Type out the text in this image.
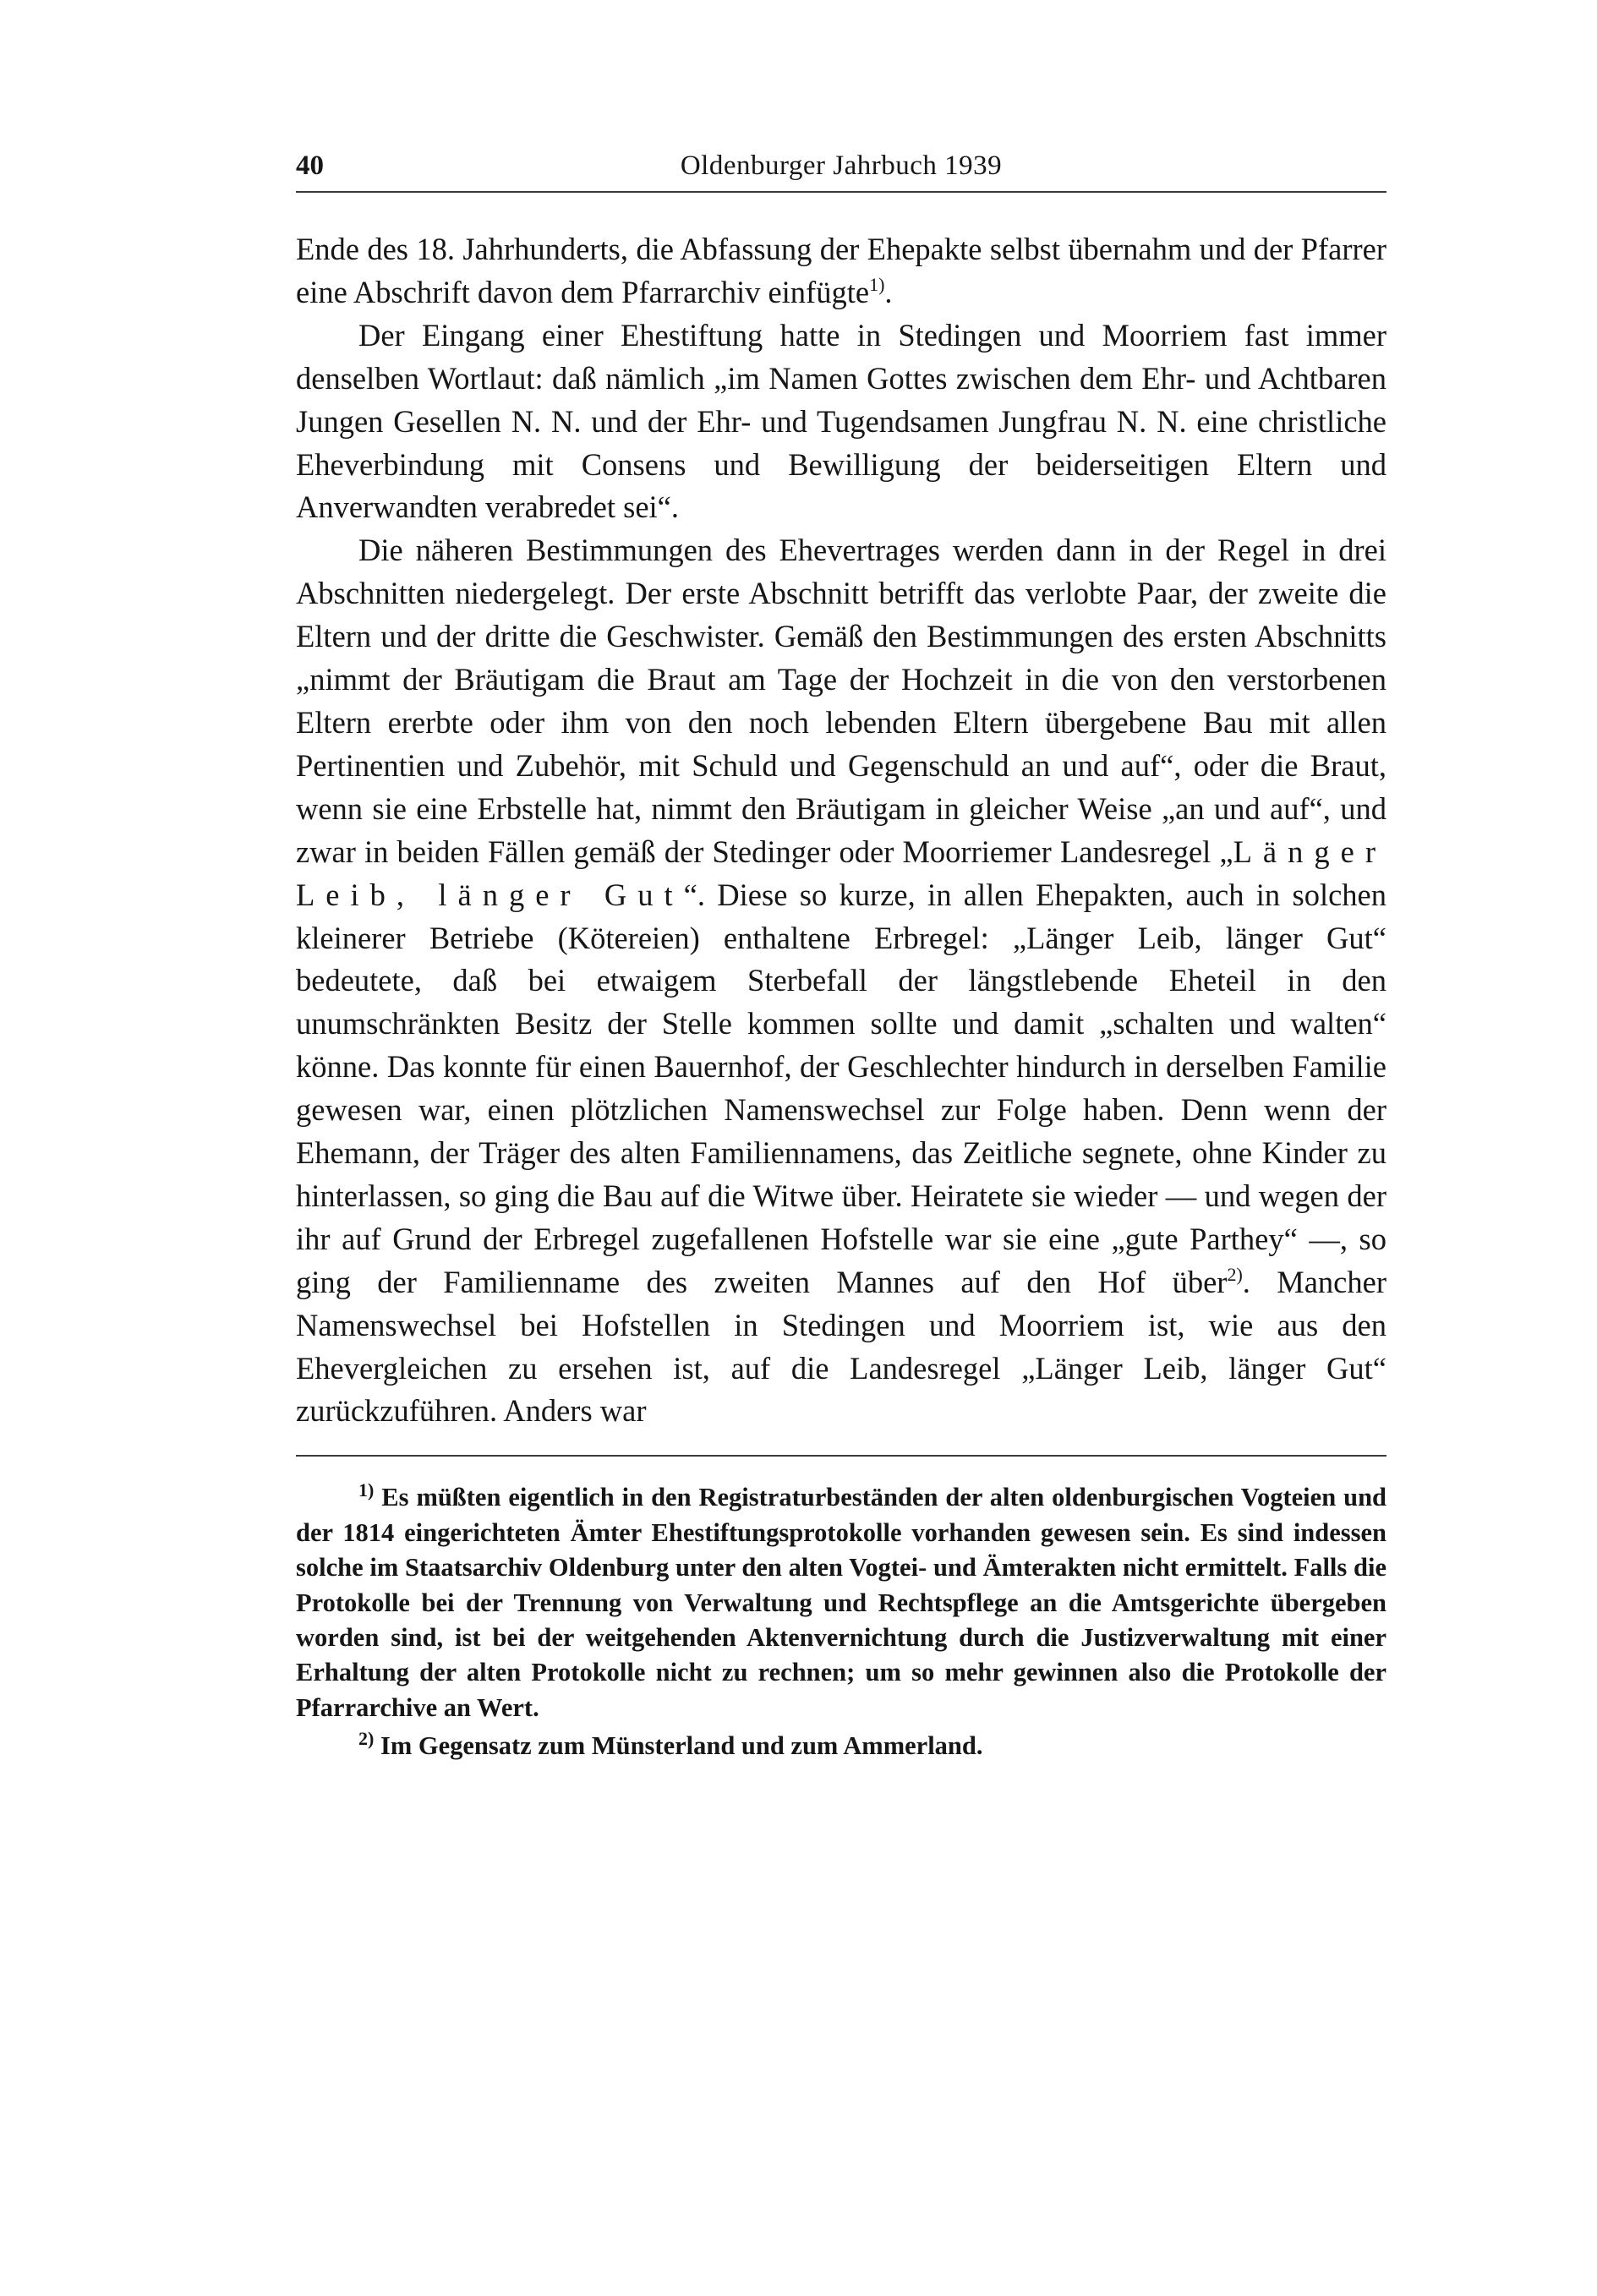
Oldenburger Jahrbuch 1939
40

Ende des 18. Jahrhunderts, die Abfassung der Ehepakte selbst übernahm und der Pfarrer eine Abschrift davon dem Pfarrarchiv einfügte$^{1)}$.

Der Eingang einer Ehestiftung hatte in Stedingen und Moorriem fast immer denselben Wortlaut: daß nämlich „im Namen Gottes zwischen dem Ehr- und Achtbaren Jungen Gesellen N. N. und der Ehr- und Tugendsamen Jungfrau N. N. eine christliche Eheverbindung mit Consens und Bewilligung der beiderseitigen Eltern und Anverwandten verabredet sei“.

Die näheren Bestimmungen des Ehevertrages werden dann in der Regel in drei Abschnitten niedergelegt. Der erste Abschnitt betrifft das verlobte Paar, der zweite die Eltern und der dritte die Geschwister. Gemäß den Bestimmungen des ersten Abschnitts „nimmt der Bräutigam die Braut am Tage der Hochzeit in die von den verstorbenen Eltern ererbte oder ihm von den noch lebenden Eltern übergebene Bau mit allen Pertinentien und Zubehör, mit Schuld und Gegenschuld an und auf“, oder die Braut, wenn sie eine Erbstelle hat, nimmt den Bräutigam in gleicher Weise „an und auf“, und zwar in beiden Fällen gemäß der Stedinger oder Moorriemer Landesregel „Länger Leib, länger Gut“. Diese so kurze, in allen Ehepakten, auch in solchen kleinerer Betriebe (Kötereien) enthaltene Erbregel: „Länger Leib, länger Gut“ bedeutete, daß bei etwaigem Sterbefall der längstlebende Eheteil in den unumschränkten Besitz der Stelle kommen sollte und damit „schalten und walten“ könne. Das konnte für einen Bauernhof, der Geschlechter hindurch in derselben Familie gewesen war, einen plötzlichen Namenswechsel zur Folge haben. Denn wenn der Ehemann, der Träger des alten Familiennamens, das Zeitliche segnete, ohne Kinder zu hinterlassen, so ging die Bau auf die Witwe über. Heiratete sie wieder — und wegen der ihr auf Grund der Erbregel zugefallenen Hofstelle war sie eine „gute Parthey“ —, so ging der Familienname des zweiten Mannes auf den Hof über$^{2)}$. Mancher Namenswechsel bei Hofstellen in Stedingen und Moorriem ist, wie aus den Ehevergleichen zu ersehen ist, auf die Landesregel „Länger Leib, länger Gut“ zurückzuführen. Anders war

$^{1)}$ Es müßten eigentlich in den Registraturbeständen der alten oldenburgischen Vogteien und der 1814 eingerichteten Ämter Ehestiftungsprotokolle vorhanden gewesen sein. Es sind indessen solche im Staatsarchiv Oldenburg unter den alten Vogtei- und Ämterakten nicht ermittelt. Falls die Protokolle bei der Trennung von Verwaltung und Rechtspflege an die Amtsgerichte übergeben worden sind, ist bei der weitgehenden Aktenvernichtung durch die Justizverwaltung mit einer Erhaltung der alten Protokolle nicht zu rechnen; um so mehr gewinnen also die Protokolle der Pfarrarchive an Wert.

$^{2)}$ Im Gegensatz zum Münsterland und zum Ammerland.
